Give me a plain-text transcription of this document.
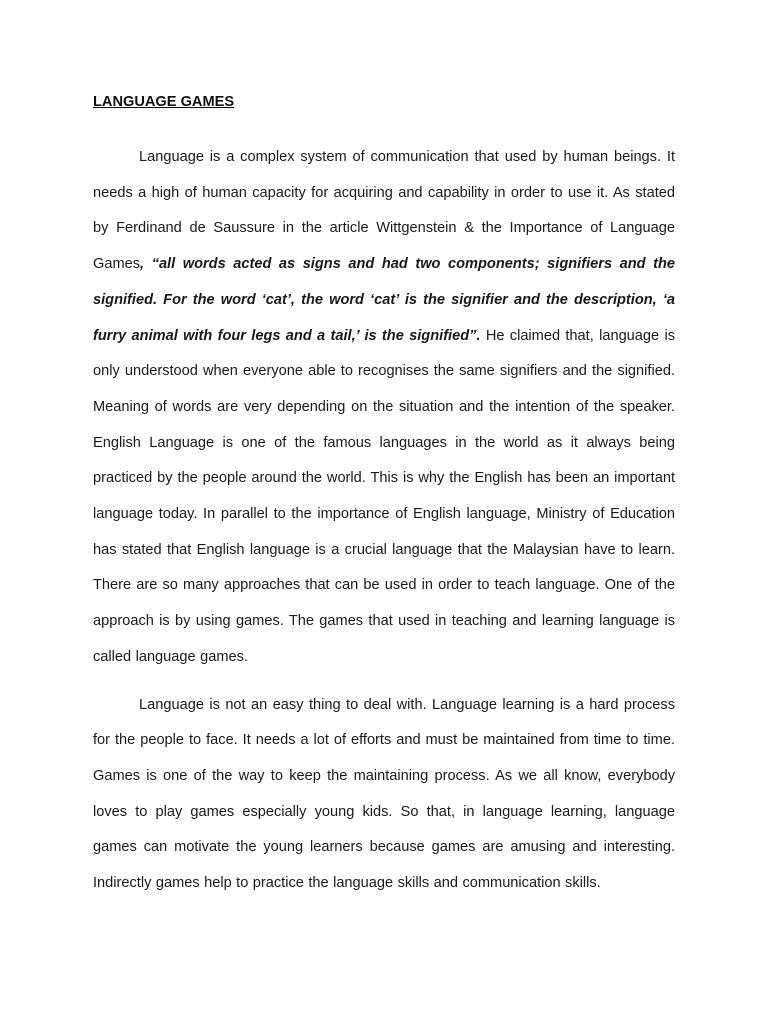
LANGUAGE GAMES

Language is a complex system of communication that used by human beings. It needs a high of human capacity for acquiring and capability in order to use it. As stated by Ferdinand de Saussure in the article Wittgenstein & the Importance of Language Games, “all words acted as signs and had two components; signifiers and the signified. For the word ‘cat’, the word ‘cat’ is the signifier and the description, ‘a furry animal with four legs and a tail,’ is the signified”. He claimed that, language is only understood when everyone able to recognises the same signifiers and the signified. Meaning of words are very depending on the situation and the intention of the speaker. English Language is one of the famous languages in the world as it always being practiced by the people around the world. This is why the English has been an important language today. In parallel to the importance of English language, Ministry of Education has stated that English language is a crucial language that the Malaysian have to learn. There are so many approaches that can be used in order to teach language. One of the approach is by using games. The games that used in teaching and learning language is called language games.

Language is not an easy thing to deal with. Language learning is a hard process for the people to face. It needs a lot of efforts and must be maintained from time to time. Games is one of the way to keep the maintaining process. As we all know, everybody loves to play games especially young kids. So that, in language learning, language games can motivate the young learners because games are amusing and interesting. Indirectly games help to practice the language skills and communication skills.
